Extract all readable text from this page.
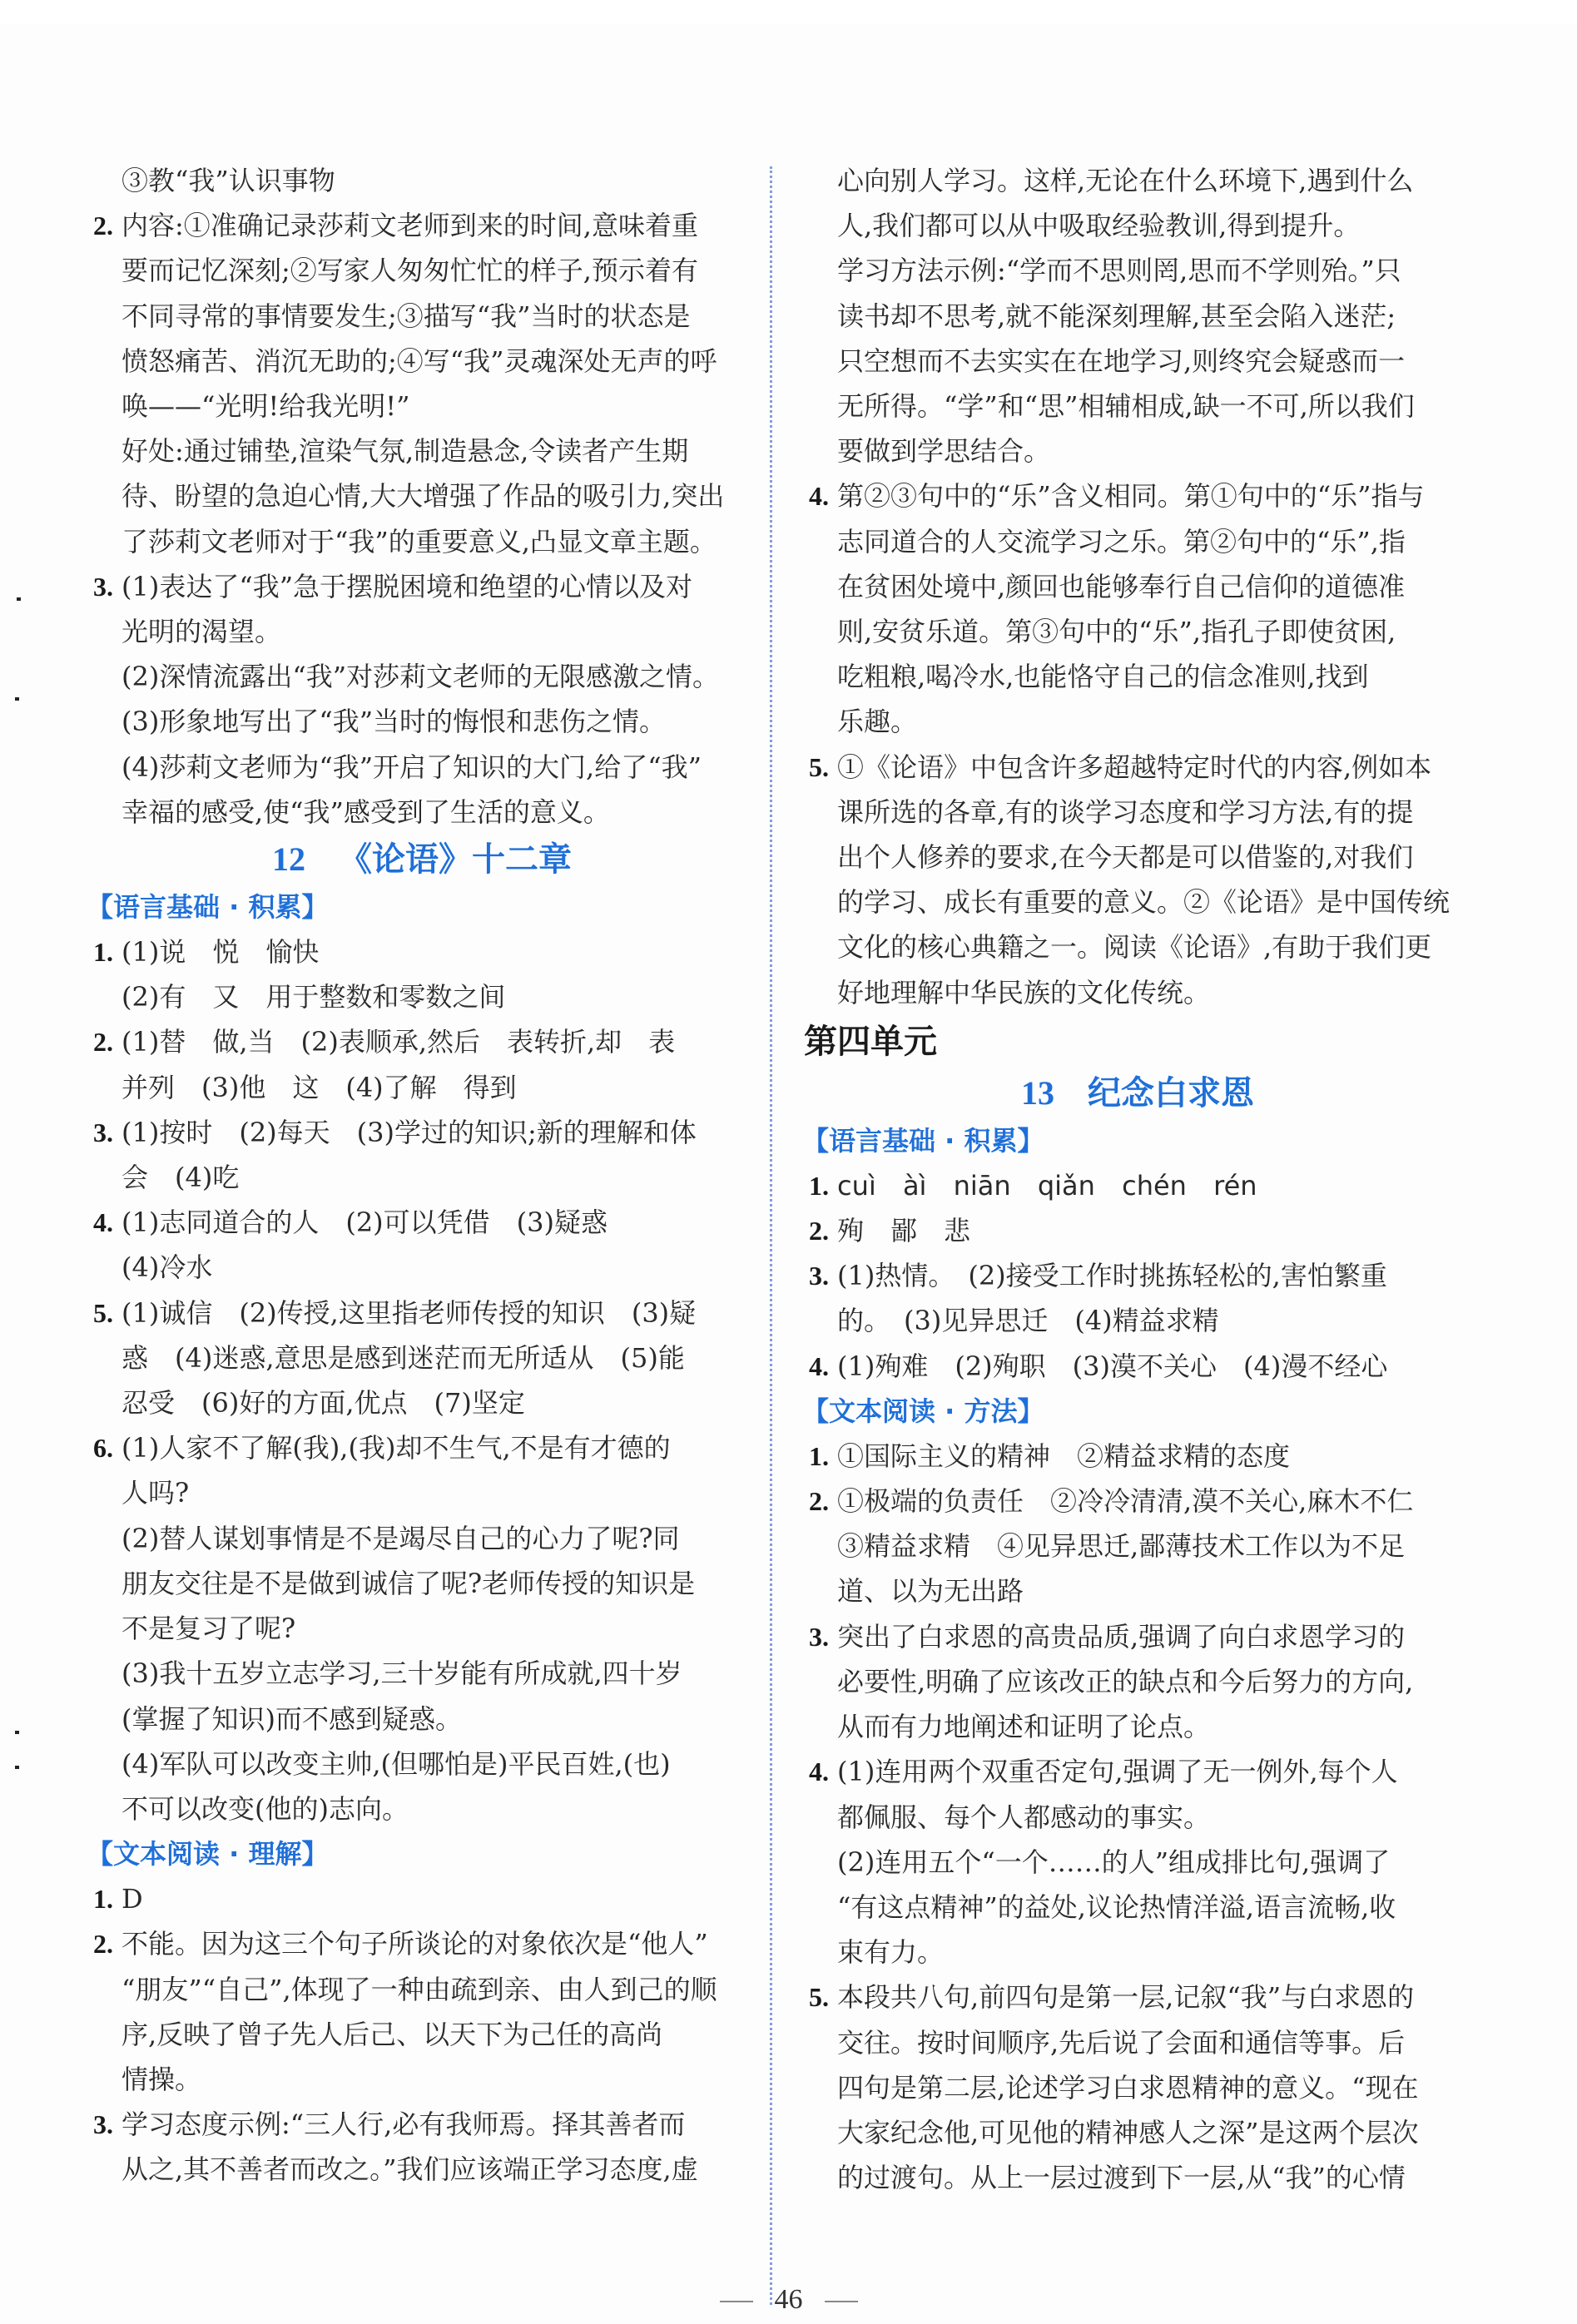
③教“我”认识事物
2. 内容:①准确记录莎莉文老师到来的时间,意味着重
要而记忆深刻;②写家人匆匆忙忙的样子,预示着有
不同寻常的事情要发生;③描写“我”当时的状态是
愤怒痛苦、消沉无助的;④写“我”灵魂深处无声的呼
唤——“光明!给我光明!”
好处:通过铺垫,渲染气氛,制造悬念,令读者产生期
待、盼望的急迫心情,大大增强了作品的吸引力,突出
了莎莉文老师对于“我”的重要意义,凸显文章主题。
3. (1)表达了“我”急于摆脱困境和绝望的心情以及对
光明的渴望。
(2)深情流露出“我”对莎莉文老师的无限感激之情。
(3)形象地写出了“我”当时的悔恨和悲伤之情。
(4)莎莉文老师为“我”开启了知识的大门,给了“我”
幸福的感受,使“我”感受到了生活的意义。
12 《论语》十二章
【语言基础 · 积累】
1. (1)说　悦　愉快
(2)有　又　用于整数和零数之间
2. (1)替　做,当　(2)表顺承,然后　表转折,却　表
并列　(3)他　这　(4)了解　得到
3. (1)按时　(2)每天　(3)学过的知识;新的理解和体
会　(4)吃
4. (1)志同道合的人　(2)可以凭借　(3)疑惑
(4)冷水
5. (1)诚信　(2)传授,这里指老师传授的知识　(3)疑
惑　(4)迷惑,意思是感到迷茫而无所适从　(5)能
忍受　(6)好的方面,优点　(7)坚定
6. (1)人家不了解(我),(我)却不生气,不是有才德的
人吗?
(2)替人谋划事情是不是竭尽自己的心力了呢?同
朋友交往是不是做到诚信了呢?老师传授的知识是
不是复习了呢?
(3)我十五岁立志学习,三十岁能有所成就,四十岁
(掌握了知识)而不感到疑惑。
(4)军队可以改变主帅,(但哪怕是)平民百姓,(也)
不可以改变(他的)志向。
【文本阅读 · 理解】
1. D
2. 不能。因为这三个句子所谈论的对象依次是“他人”
“朋友”“自己”,体现了一种由疏到亲、由人到己的顺
序,反映了曾子先人后己、以天下为己任的高尚
情操。
3. 学习态度示例:“三人行,必有我师焉。择其善者而
从之,其不善者而改之。”我们应该端正学习态度,虚
心向别人学习。这样,无论在什么环境下,遇到什么
人,我们都可以从中吸取经验教训,得到提升。
学习方法示例:“学而不思则罔,思而不学则殆。”只
读书却不思考,就不能深刻理解,甚至会陷入迷茫;
只空想而不去实实在在地学习,则终究会疑惑而一
无所得。“学”和“思”相辅相成,缺一不可,所以我们
要做到学思结合。
4. 第②③句中的“乐”含义相同。第①句中的“乐”指与
志同道合的人交流学习之乐。第②句中的“乐”,指
在贫困处境中,颜回也能够奉行自己信仰的道德准
则,安贫乐道。第③句中的“乐”,指孔子即使贫困,
吃粗粮,喝冷水,也能恪守自己的信念准则,找到
乐趣。
5. ①《论语》中包含许多超越特定时代的内容,例如本
课所选的各章,有的谈学习态度和学习方法,有的提
出个人修养的要求,在今天都是可以借鉴的,对我们
的学习、成长有重要的意义。②《论语》是中国传统
文化的核心典籍之一。阅读《论语》,有助于我们更
好地理解中华民族的文化传统。
第四单元
13 纪念白求恩
【语言基础 · 积累】
1. cuì àì niān qiǎn chén rén
2. 殉　鄙　悲
3. (1)热情。　(2)接受工作时挑拣轻松的,害怕繁重
的。　(3)见异思迁　(4)精益求精
4. (1)殉难　(2)殉职　(3)漠不关心　(4)漫不经心
【文本阅读 · 方法】
1. ①国际主义的精神　②精益求精的态度
2. ①极端的负责任　②冷冷清清,漠不关心,麻木不仁
③精益求精　④见异思迁,鄙薄技术工作以为不足
道、以为无出路
3. 突出了白求恩的高贵品质,强调了向白求恩学习的
必要性,明确了应该改正的缺点和今后努力的方向,
从而有力地阐述和证明了论点。
4. (1)连用两个双重否定句,强调了无一例外,每个人
都佩服、每个人都感动的事实。
(2)连用五个“一个……的人”组成排比句,强调了
“有这点精神”的益处,议论热情洋溢,语言流畅,收
束有力。
5. 本段共八句,前四句是第一层,记叙“我”与白求恩的
交往。按时间顺序,先后说了会面和通信等事。后
四句是第二层,论述学习白求恩精神的意义。“现在
大家纪念他,可见他的精神感人之深”是这两个层次
的过渡句。从上一层过渡到下一层,从“我”的心情
46
